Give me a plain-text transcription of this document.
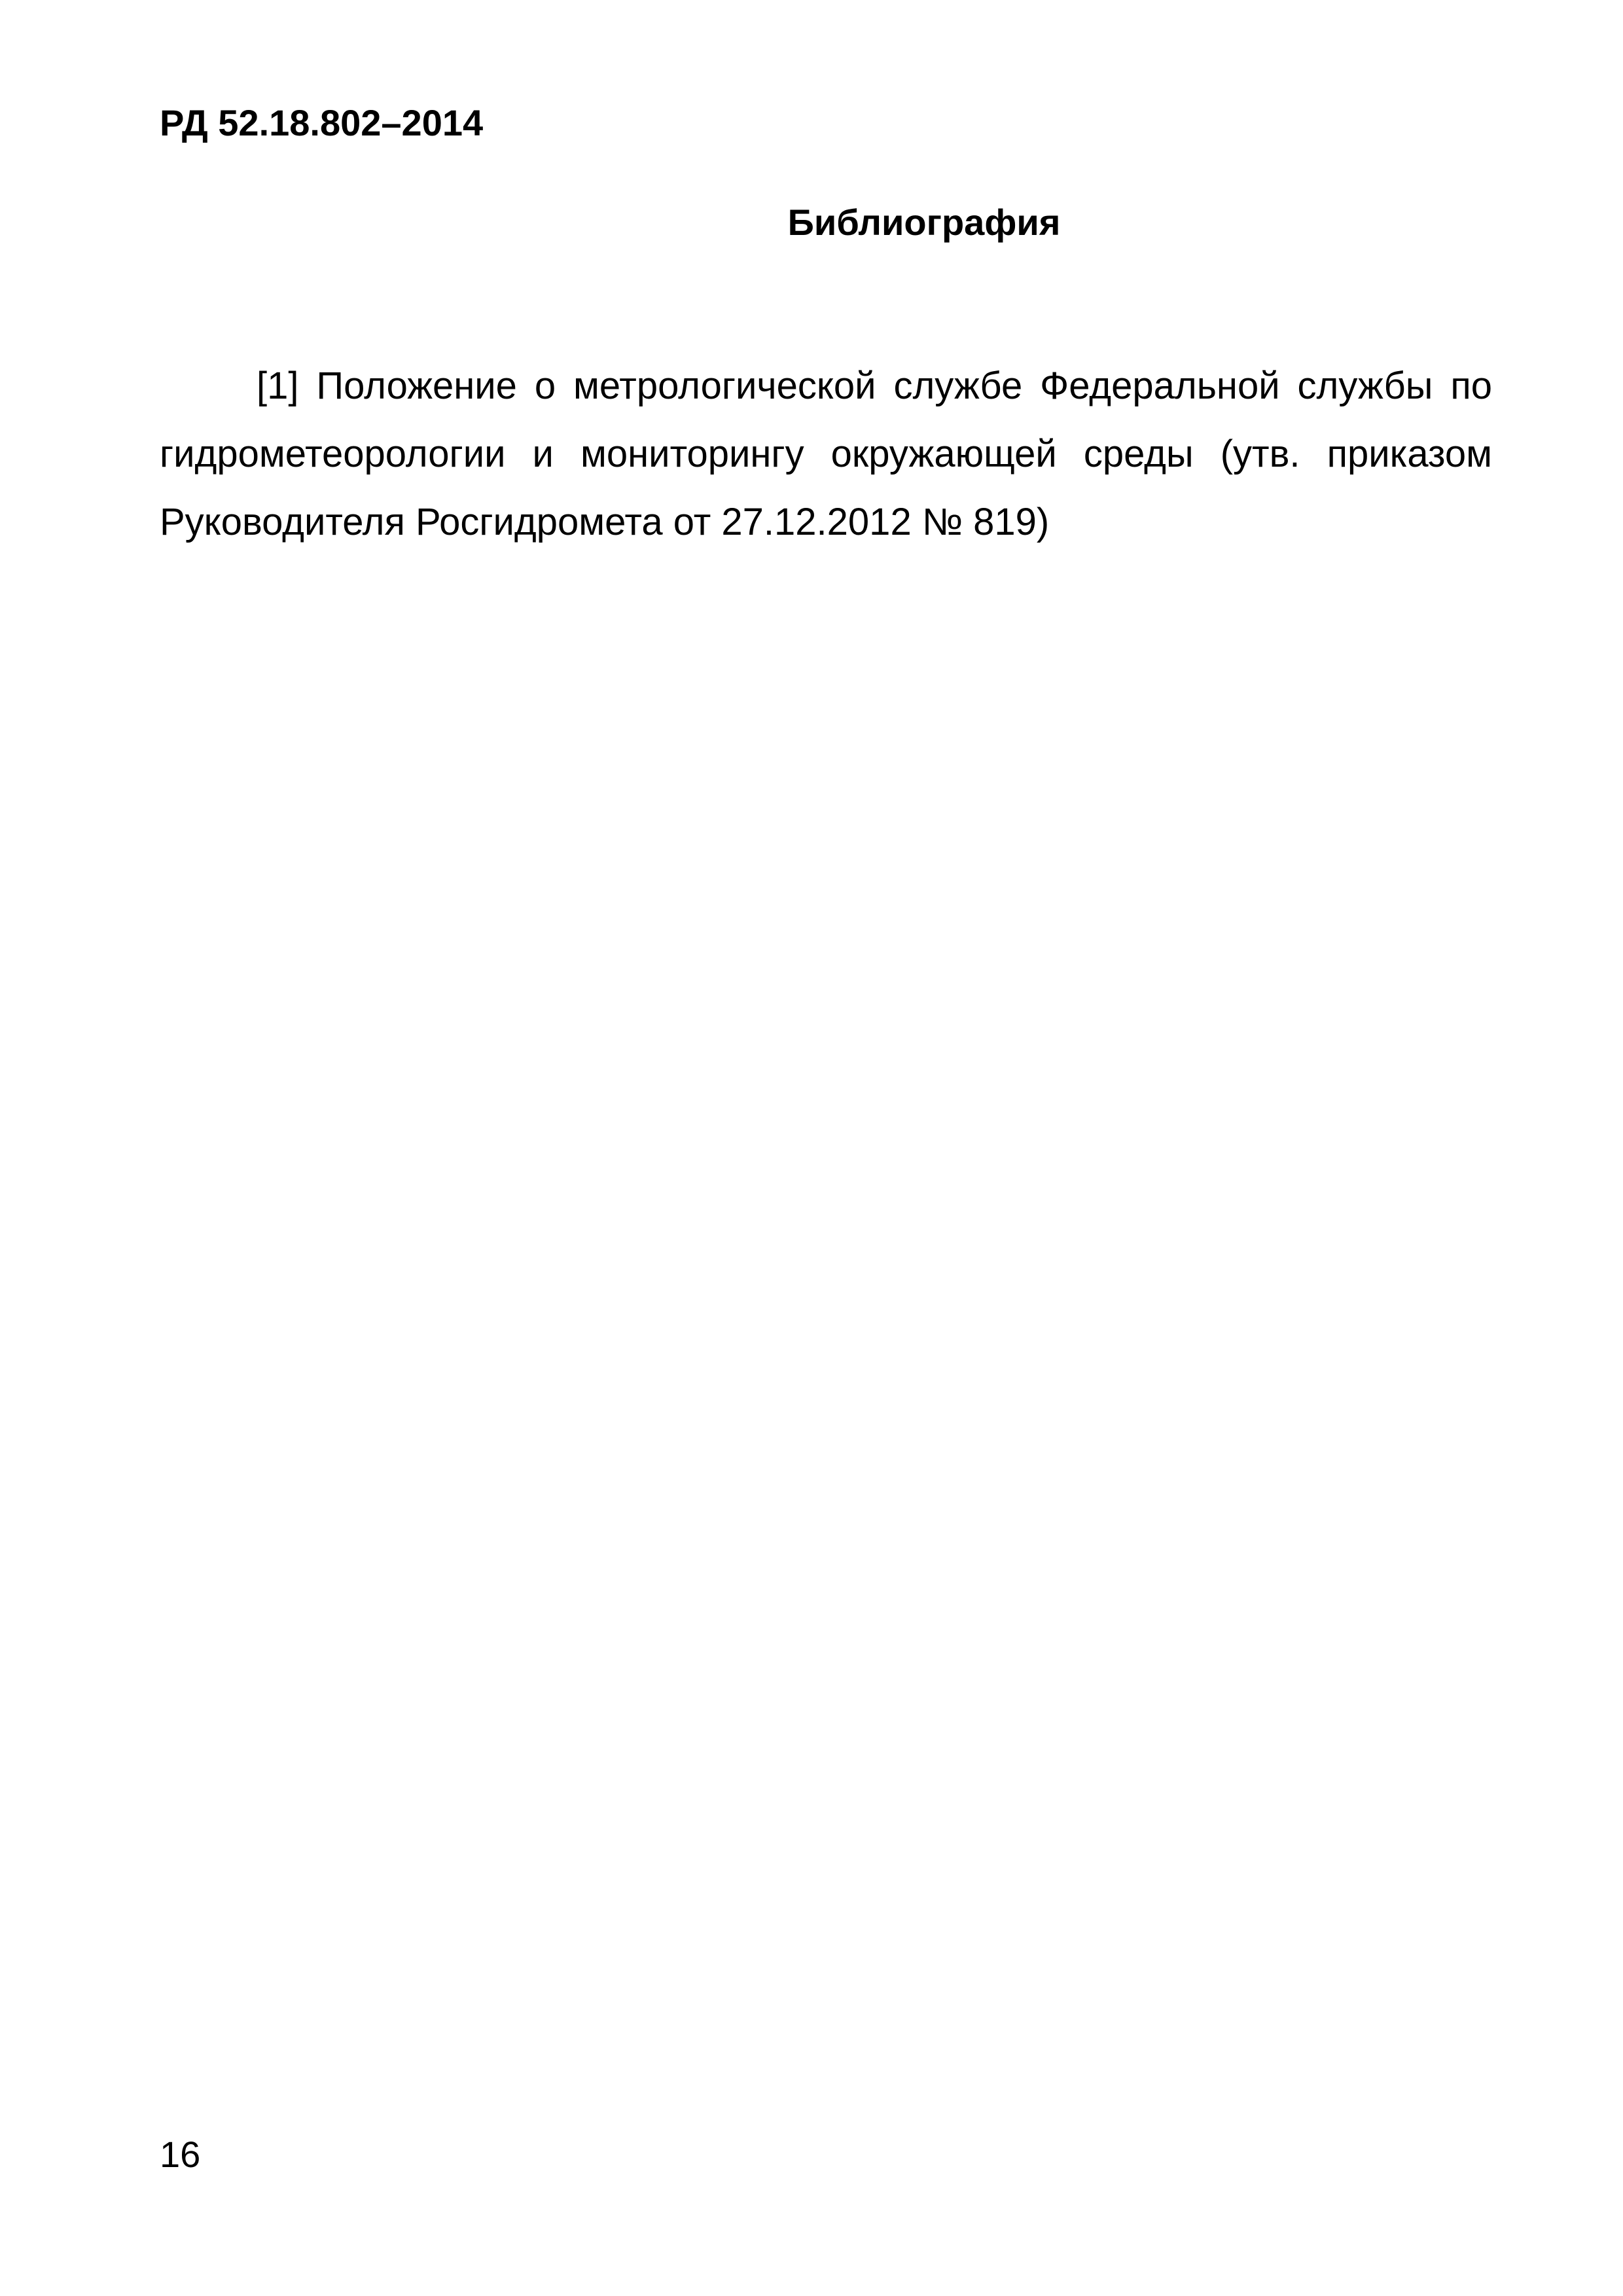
РД 52.18.802–2014
Библиография

[1] Положение о метрологической службе Федеральной службы по гидрометеорологии и мониторингу окружающей среды (утв. приказом Руководителя Росгидромета от 27.12.2012 № 819)

16
